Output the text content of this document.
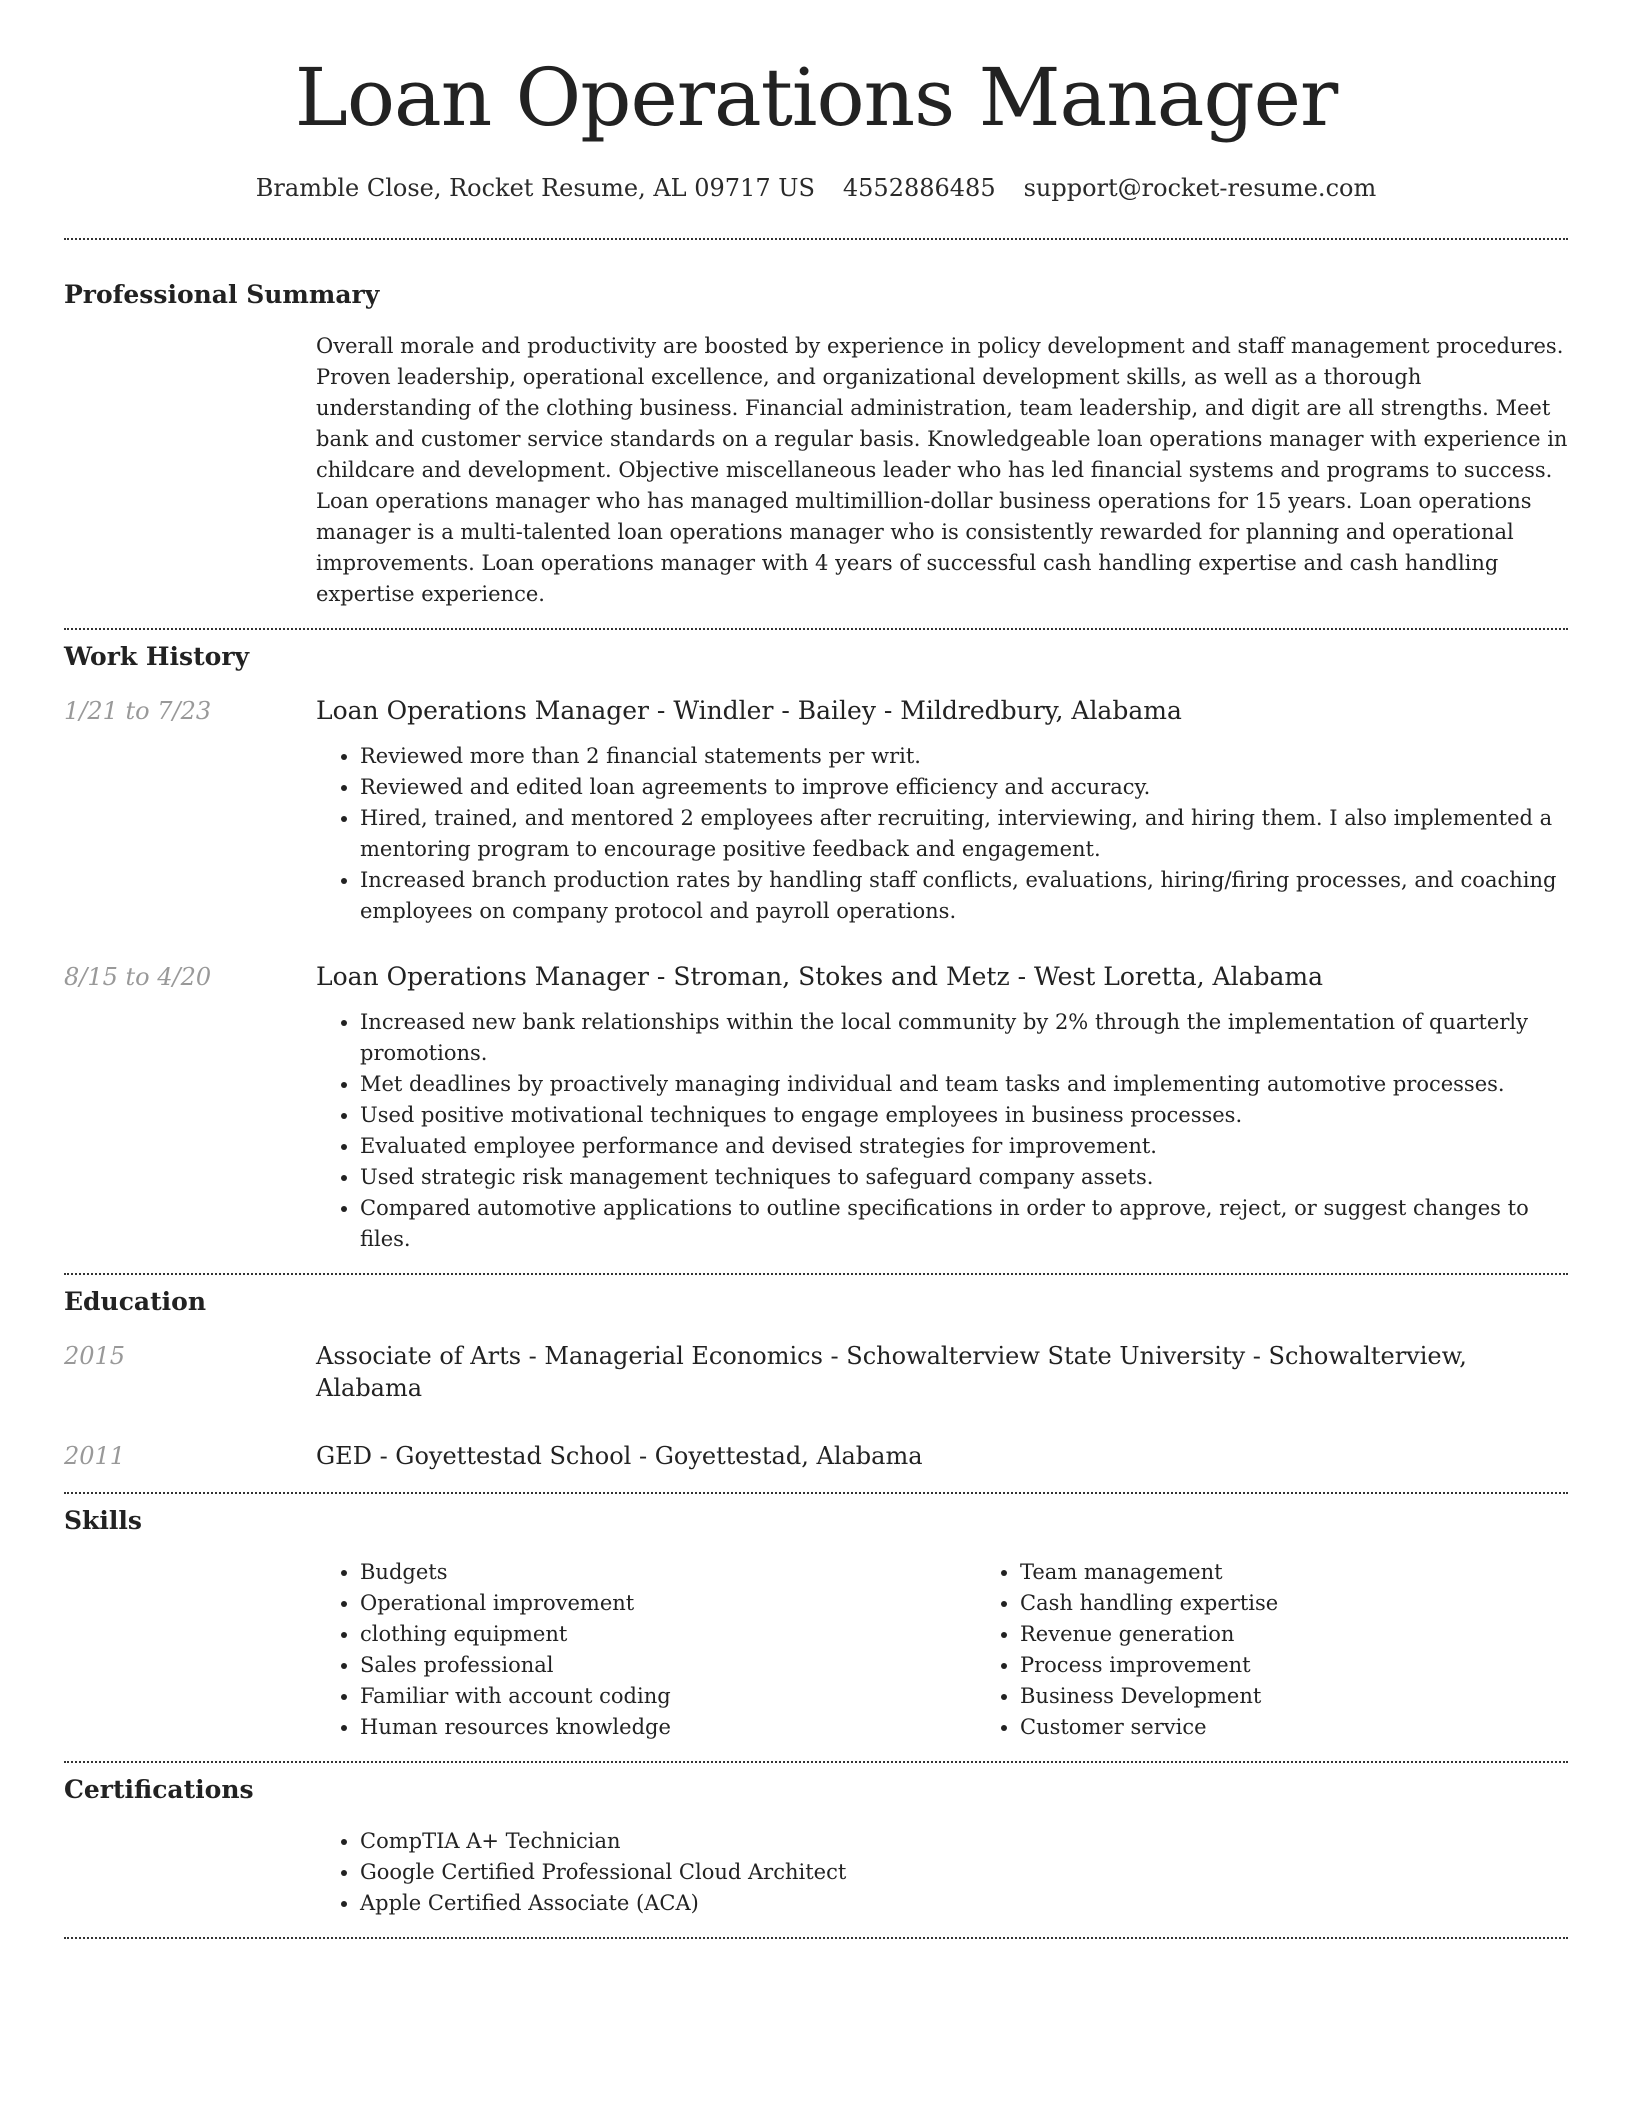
Loan Operations Manager
Bramble Close, Rocket Resume, AL 09717 US 4552886485 support@rocket-resume.com
Professional Summary

Overall morale and productivity are boosted by experience in policy development and staff management procedures. Proven leadership, operational excellence, and organizational development skills, as well as a thorough understanding of the clothing business. Financial administration, team leadership, and digit are all strengths. Meet bank and customer service standards on a regular basis. Knowledgeable loan operations manager with experience in childcare and development. Objective miscellaneous leader who has led financial systems and programs to success. Loan operations manager who has managed multimillion-dollar business operations for 15 years. Loan operations manager is a multi-talented loan operations manager who is consistently rewarded for planning and operational improvements. Loan operations manager with 4 years of successful cash handling expertise and cash handling expertise experience.

Work History
1/21 to 7/23	Loan Operations Manager - Windler - Bailey - Mildredbury, Alabama
• Reviewed more than 2 financial statements per writ.
• Reviewed and edited loan agreements to improve efficiency and accuracy.
• Hired, trained, and mentored 2 employees after recruiting, interviewing, and hiring them. I also implemented a mentoring program to encourage positive feedback and engagement.
• Increased branch production rates by handling staff conflicts, evaluations, hiring/firing processes, and coaching employees on company protocol and payroll operations.
8/15 to 4/20	Loan Operations Manager - Stroman, Stokes and Metz - West Loretta, Alabama
• Increased new bank relationships within the local community by 2% through the implementation of quarterly promotions.
• Met deadlines by proactively managing individual and team tasks and implementing automotive processes.
• Used positive motivational techniques to engage employees in business processes.
• Evaluated employee performance and devised strategies for improvement.
• Used strategic risk management techniques to safeguard company assets.
• Compared automotive applications to outline specifications in order to approve, reject, or suggest changes to files.
Education
2015	Associate of Arts - Managerial Economics - Schowalterview State University - Schowalterview, Alabama
2011	GED - Goyettestad School - Goyettestad, Alabama
Skills
• Budgets
• Operational improvement
• clothing equipment
• Sales professional
• Familiar with account coding
• Human resources knowledge
• Team management
• Cash handling expertise
• Revenue generation
• Process improvement
• Business Development
• Customer service
Certifications
• CompTIA A+ Technician
• Google Certified Professional Cloud Architect
• Apple Certified Associate (ACA)
